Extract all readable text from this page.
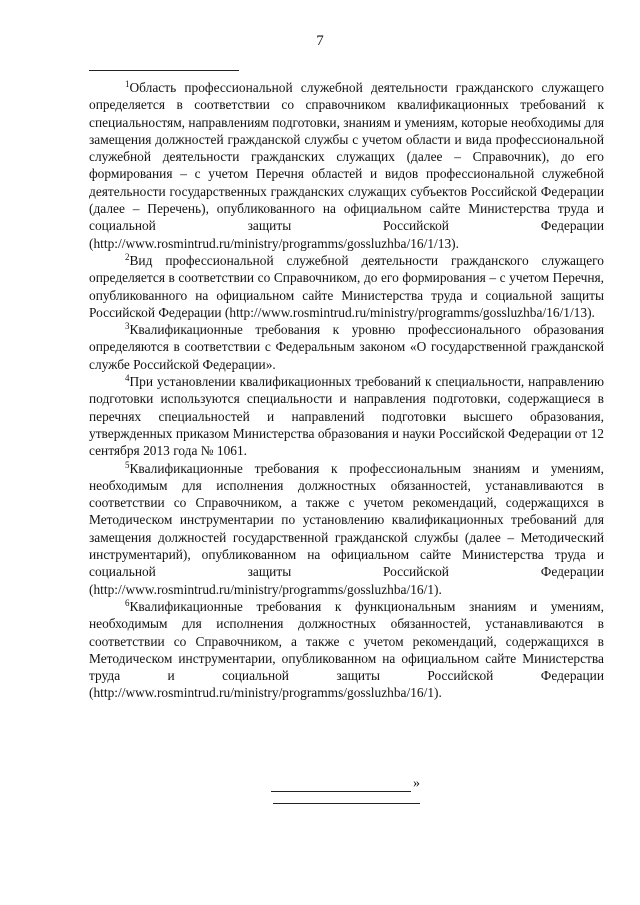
7

$^1$Область профессиональной служебной деятельности гражданского служащего определяется в соответствии со справочником квалификационных требований к специальностям, направлениям подготовки, знаниям и умениям, которые необходимы для замещения должностей гражданской службы с учетом области и вида профессиональной служебной деятельности гражданских служащих (далее – Справочник), до его формирования – с учетом Перечня областей и видов профессиональной служебной деятельности государственных гражданских служащих субъектов Российской Федерации (далее – Перечень), опубликованного на официальном сайте Министерства труда и социальной защиты Российской Федерации (http://www.rosmintrud.ru/ministry/programms/gossluzhba/16/1/13).

$^2$Вид профессиональной служебной деятельности гражданского служащего определяется в соответствии со Справочником, до его формирования – с учетом Перечня, опубликованного на официальном сайте Министерства труда и социальной защиты Российской Федерации (http://www.rosmintrud.ru/ministry/programms/gossluzhba/16/1/13).

$^3$Квалификационные требования к уровню профессионального образования определяются в соответствии с Федеральным законом «О государственной гражданской службе Российской Федерации».

$^4$При установлении квалификационных требований к специальности, направлению подготовки используются специальности и направления подготовки, содержащиеся в перечнях специальностей и направлений подготовки высшего образования, утвержденных приказом Министерства образования и науки Российской Федерации от 12 сентября 2013 года № 1061.

$^5$Квалификационные требования к профессиональным знаниям и умениям, необходимым для исполнения должностных обязанностей, устанавливаются в соответствии со Справочником, а также с учетом рекомендаций, содержащихся в Методическом инструментарии по установлению квалификационных требований для замещения должностей государственной гражданской службы (далее – Методический инструментарий), опубликованном на официальном сайте Министерства труда и социальной защиты Российской Федерации (http://www.rosmintrud.ru/ministry/programms/gossluzhba/16/1).

$^6$Квалификационные требования к функциональным знаниям и умениям, необходимым для исполнения должностных обязанностей, устанавливаются в соответствии со Справочником, а также с учетом рекомендаций, содержащихся в Методическом инструментарии, опубликованном на официальном сайте Министерства труда и социальной защиты Российской Федерации (http://www.rosmintrud.ru/ministry/programms/gossluzhba/16/1).

»
